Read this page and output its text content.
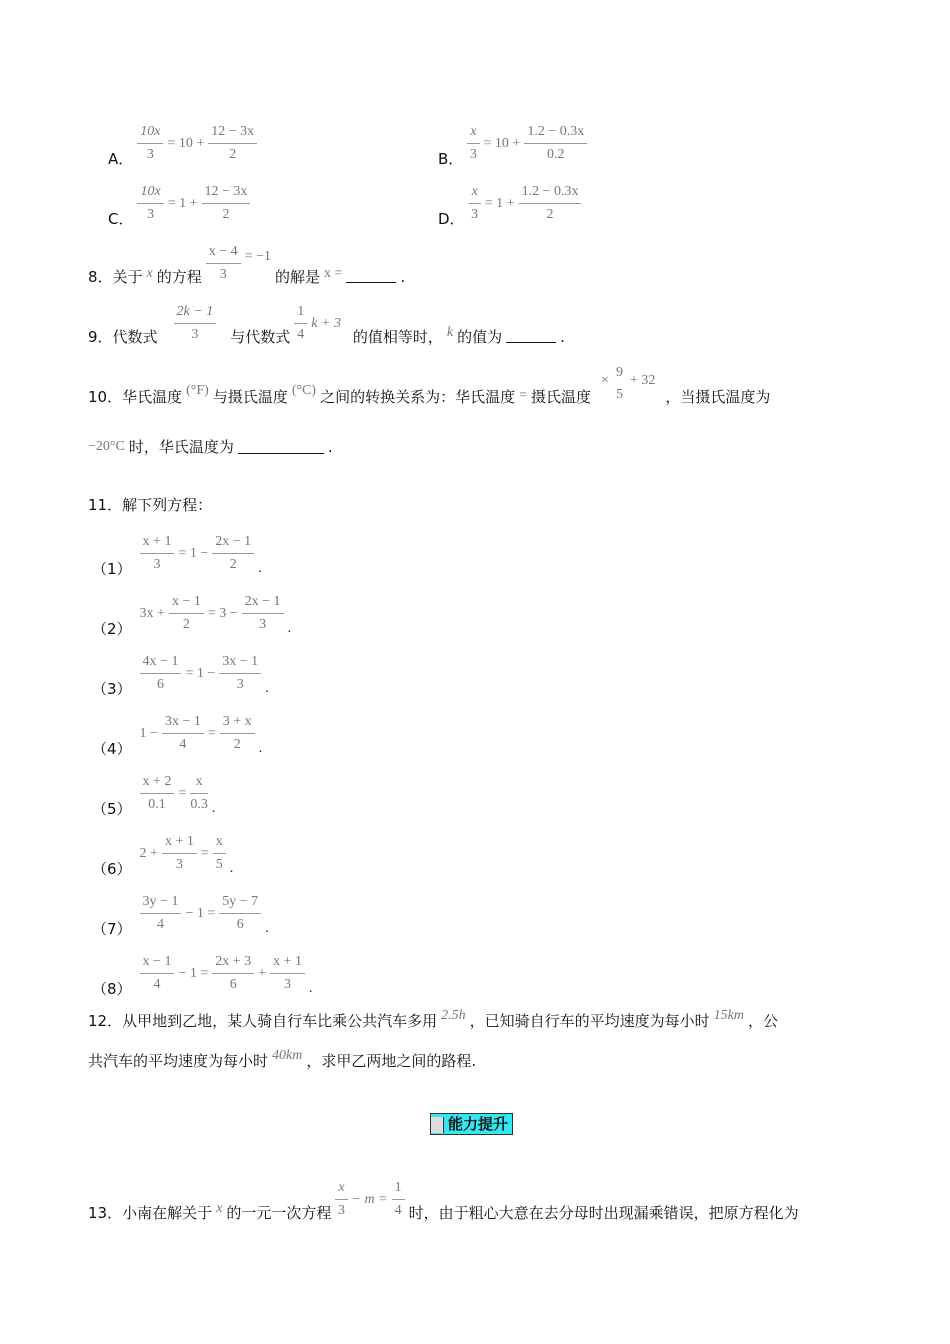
A． $\frac{10x}{3} = 10 + \frac{12 - 3x}{2}$	B． $\frac{x}{3} = 10 + \frac{1.2 - 0.3x}{0.2}$
C． $\frac{10x}{3} = 1 + \frac{12 - 3x}{2}$	D． $\frac{x}{3} = 1 + \frac{1.2 - 0.3x}{2}$
8．关于 x 的方程 $\frac{x - 4}{3} = -1$
的解是 x =	.
9．代数式 $\frac{2k - 1}{3}$ 与代数式 $\frac{1}{4}$ k + 3
的值相等时， k 的值为	.
10．华氏温度 (°F) 与摄氏温度 (°C) 之间的转换关系为：华氏温度 = 摄氏温度
×
9
5
+ 32
，当摄氏温度为
−20°C 时，华氏温度为	.
11．解下列方程：
$(1) \frac{x + 1}{3} = 1 - \frac{2x - 1}{2}$ .
（2）
$3x + \frac{x - 1}{2} = 3 - \frac{2x - 1}{3}$ .
$(3) \frac{4x - 1}{6} = 1 - \frac{3x - 1}{3}$ .
（4）
$1 - \frac{3x - 1}{4} = \frac{3 + x}{2}$ .
$(5) \frac{x + 2}{0.1} = \frac{x}{0.3}$ .
（6）
$2 + \frac{x + 1}{3} = \frac{x}{5}$ .
$(7) \frac{3y - 1}{4} - 1 = \frac{5y - 7}{6}$ .
$(8) \frac{x - 1}{4} - 1 = \frac{2x + 3}{6} + \frac{x + 1}{3}$ .
12．从甲地到乙地，某人骑自行车比乘公共汽车多用 2.5h ，已知骑自行车的平均速度为每小时 15km ，公
共汽车的平均速度为每小时 40km ，求甲乙两地之间的路程.
能力提升
13．小南在解关于 x 的一元一次方程 $\frac{x}{3} - m = \frac{1}{4}$ 时，由于粗心大意在去分母时出现漏乘错误，把原方程化为
